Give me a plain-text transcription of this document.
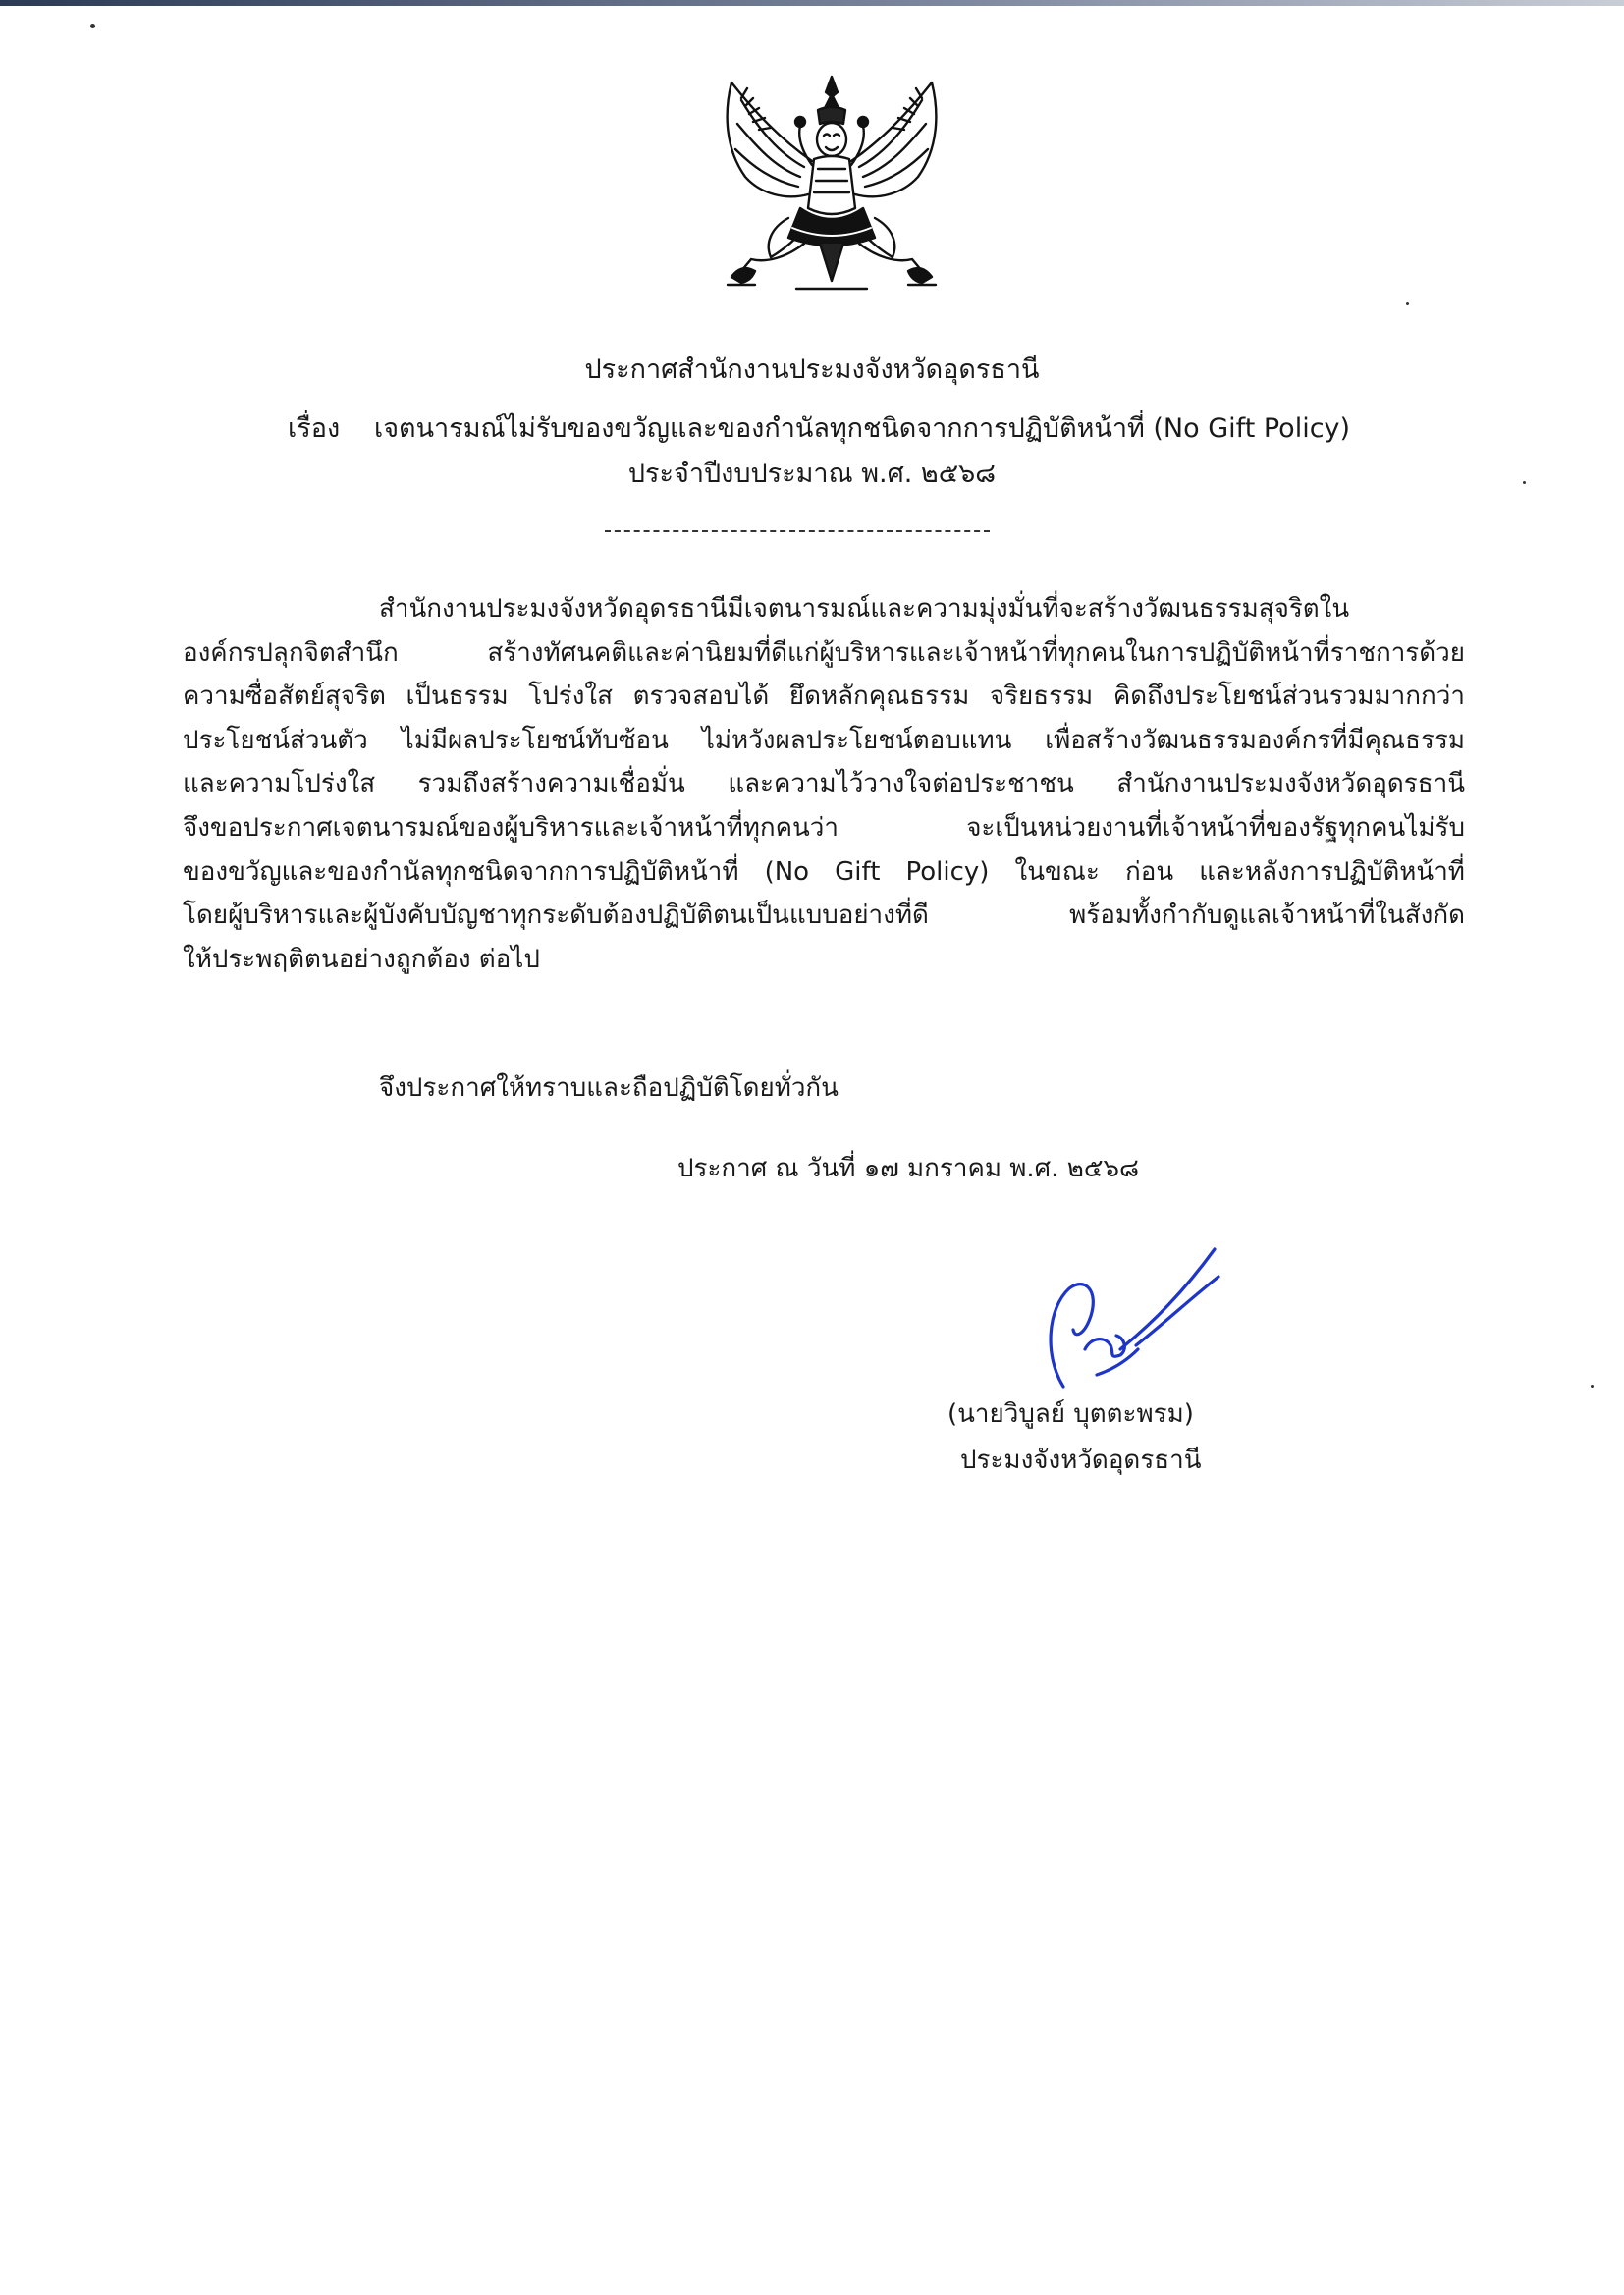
ประกาศสำนักงานประมงจังหวัดอุดรธานี
เรื่อง เจตนารมณ์ไม่รับของขวัญและของกำนัลทุกชนิดจากการปฏิบัติหน้าที่ (No Gift Policy)
ประจำปีงบประมาณ พ.ศ. ๒๕๖๘
สำนักงานประมงจังหวัดอุดรธานีมีเจตนารมณ์และความมุ่งมั่นที่จะสร้างวัฒนธรรมสุจริตใน
องค์กรปลุกจิตสำนึก	สร้างทัศนคติและค่านิยมที่ดีแก่ผู้บริหารและเจ้าหน้าที่ทุกคนในการปฏิบัติหน้าที่ราชการด้วย
ความซื่อสัตย์สุจริต เป็นธรรม โปร่งใส ตรวจสอบได้ ยึดหลักคุณธรรม จริยธรรม คิดถึงประโยชน์ส่วนรวมมากกว่า
ประโยชน์ส่วนตัว ไม่มีผลประโยชน์ทับซ้อน ไม่หวังผลประโยชน์ตอบแทน เพื่อสร้างวัฒนธรรมองค์กรที่มีคุณธรรม
และความโปร่งใส รวมถึงสร้างความเชื่อมั่น และความไว้วางใจต่อประชาชน สำนักงานประมงจังหวัดอุดรธานี
จึงขอประกาศเจตนารมณ์ของผู้บริหารและเจ้าหน้าที่ทุกคนว่า	จะเป็นหน่วยงานที่เจ้าหน้าที่ของรัฐทุกคนไม่รับ
ของขวัญและของกำนัลทุกชนิดจากการปฏิบัติหน้าที่ (No Gift Policy) ในขณะ ก่อน และหลังการปฏิบัติหน้าที่
โดยผู้บริหารและผู้บังคับบัญชาทุกระดับต้องปฏิบัติตนเป็นแบบอย่างที่ดี	พร้อมทั้งกำกับดูแลเจ้าหน้าที่ในสังกัด
ให้ประพฤติตนอย่างถูกต้อง ต่อไป
จึงประกาศให้ทราบและถือปฏิบัติโดยทั่วกัน
ประกาศ ณ วันที่ ๑๗ มกราคม พ.ศ. ๒๕๖๘
(นายวิบูลย์ บุตตะพรม)
ประมงจังหวัดอุดรธานี
